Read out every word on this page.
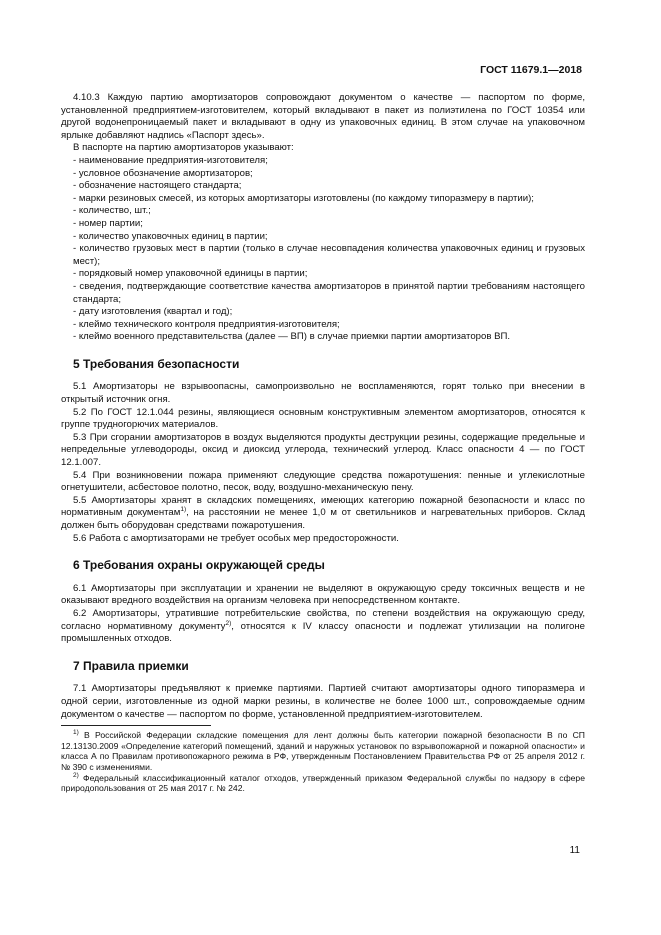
ГОСТ 11679.1—2018

4.10.3 Каждую партию амортизаторов сопровождают документом о качестве — паспортом по форме, установленной предприятием-изготовителем, который вкладывают в пакет из полиэтилена по ГОСТ 10354 или другой водонепроницаемый пакет и вкладывают в одну из упаковочных единиц. В этом случае на упаковочном ярлыке добавляют надпись «Паспорт здесь».

В паспорте на партию амортизаторов указывают:

- наименование предприятия-изготовителя;

- условное обозначение амортизаторов;

- обозначение настоящего стандарта;

- марки резиновых смесей, из которых амортизаторы изготовлены (по каждому типоразмеру в партии);

- количество, шт.;

- номер партии;

- количество упаковочных единиц в партии;

- количество грузовых мест в партии (только в случае несовпадения количества упаковочных единиц и грузовых мест);

- порядковый номер упаковочной единицы в партии;

- сведения, подтверждающие соответствие качества амортизаторов в принятой партии требованиям настоящего стандарта;

- дату изготовления (квартал и год);

- клеймо технического контроля предприятия-изготовителя;

- клеймо военного представительства (далее — ВП) в случае приемки партии амортизаторов ВП.

5 Требования безопасности

5.1 Амортизаторы не взрывоопасны, самопроизвольно не воспламеняются, горят только при внесении в открытый источник огня.

5.2 По ГОСТ 12.1.044 резины, являющиеся основным конструктивным элементом амортизаторов, относятся к группе трудногорючих материалов.

5.3 При сгорании амортизаторов в воздух выделяются продукты деструкции резины, содержащие предельные и непредельные углеводороды, оксид и диоксид углерода, технический углерод. Класс опасности 4 — по ГОСТ 12.1.007.

5.4 При возникновении пожара применяют следующие средства пожаротушения: пенные и углекислотные огнетушители, асбестовое полотно, песок, воду, воздушно-механическую пену.

5.5 Амортизаторы хранят в складских помещениях, имеющих категорию пожарной безопасности и класс по нормативным документам$^{1)}$, на расстоянии не менее 1,0 м от светильников и нагревательных приборов. Склад должен быть оборудован средствами пожаротушения.

5.6 Работа с амортизаторами не требует особых мер предосторожности.

6 Требования охраны окружающей среды

6.1 Амортизаторы при эксплуатации и хранении не выделяют в окружающую среду токсичных веществ и не оказывают вредного воздействия на организм человека при непосредственном контакте.

6.2 Амортизаторы, утратившие потребительские свойства, по степени воздействия на окружающую среду, согласно нормативному документу$^{2)}$, относятся к IV классу опасности и подлежат утилизации на полигоне промышленных отходов.

7 Правила приемки

7.1 Амортизаторы предъявляют к приемке партиями. Партией считают амортизаторы одного типоразмера и одной серии, изготовленные из одной марки резины, в количестве не более 1000 шт., сопровождаемые одним документом о качестве — паспортом по форме, установленной предприятием-изготовителем.

$^{1)}$ В Российской Федерации складские помещения для лент должны быть категории пожарной безопасности В по СП 12.13130.2009 «Определение категорий помещений, зданий и наружных установок по взрывопожарной и пожарной опасности» и класса А по Правилам противопожарного режима в РФ, утвержденным Постановлением Правительства РФ от 25 апреля 2012 г. № 390 с изменениями.

$^{2)}$ Федеральный классификационный каталог отходов, утвержденный приказом Федеральной службы по надзору в сфере природопользования от 25 мая 2017 г. № 242.

11
